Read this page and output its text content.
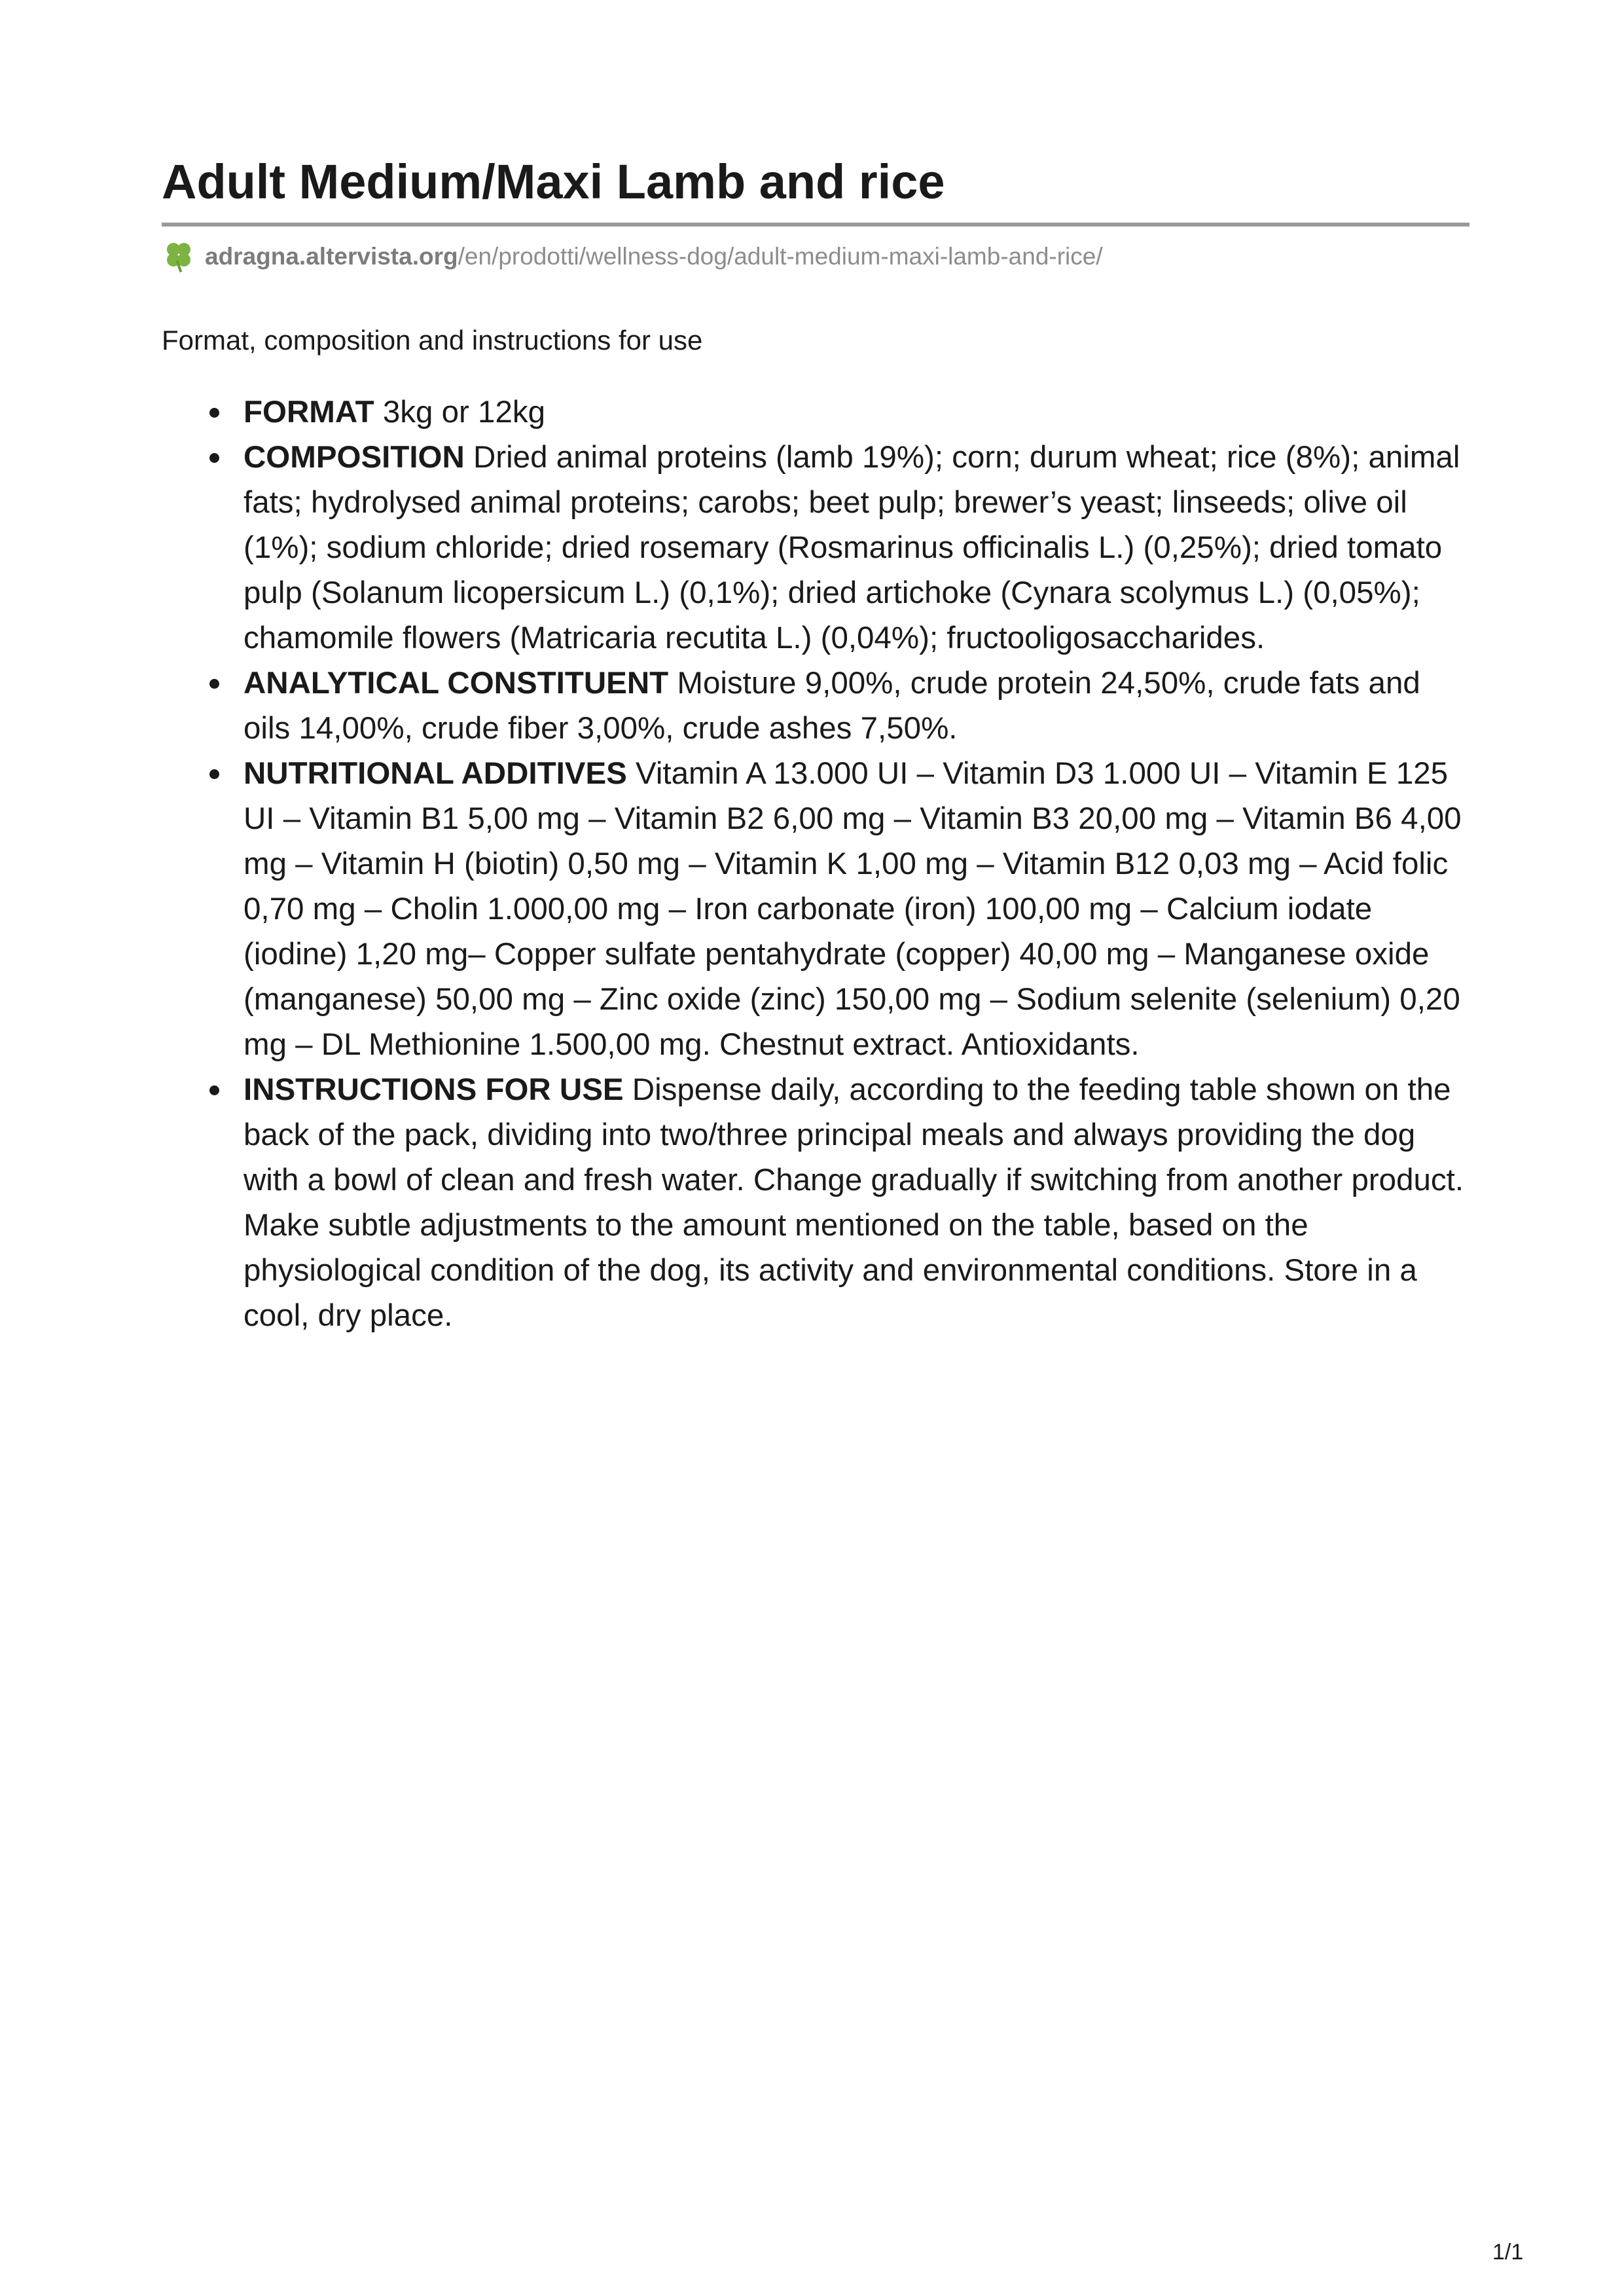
Adult Medium/Maxi Lamb and rice
adragna.altervista.org /en/prodotti/wellness-dog/adult-medium-maxi-lamb-and-rice/

Format, composition and instructions for use

FORMAT 3kg or 12kg
COMPOSITION Dried animal proteins (lamb 19%); corn; durum wheat; rice (8%); animal fats; hydrolysed animal proteins; carobs; beet pulp; brewer’s yeast; linseeds; olive oil (1%); sodium chloride; dried rosemary (Rosmarinus officinalis L.) (0,25%); dried tomato pulp (Solanum licopersicum L.) (0,1%); dried artichoke (Cynara scolymus L.) (0,05%); chamomile flowers (Matricaria recutita L.) (0,04%); fructooligosaccharides.
ANALYTICAL CONSTITUENT Moisture 9,00%, crude protein 24,50%, crude fats and oils 14,00%, crude fiber 3,00%, crude ashes 7,50%.
NUTRITIONAL ADDITIVES Vitamin A 13.000 UI – Vitamin D3 1.000 UI – Vitamin E 125 UI – Vitamin B1 5,00 mg – Vitamin B2 6,00 mg – Vitamin B3 20,00 mg – Vitamin B6 4,00 mg – Vitamin H (biotin) 0,50 mg – Vitamin K 1,00 mg – Vitamin B12 0,03 mg – Acid folic 0,70 mg – Cholin 1.000,00 mg – Iron carbonate (iron) 100,00 mg – Calcium iodate (iodine) 1,20 mg– Copper sulfate pentahydrate (copper) 40,00 mg – Manganese oxide (manganese) 50,00 mg – Zinc oxide (zinc) 150,00 mg – Sodium selenite (selenium) 0,20 mg – DL Methionine 1.500,00 mg. Chestnut extract. Antioxidants.
INSTRUCTIONS FOR USE Dispense daily, according to the feeding table shown on the back of the pack, dividing into two/three principal meals and always providing the dog with a bowl of clean and fresh water. Change gradually if switching from another product. Make subtle adjustments to the amount mentioned on the table, based on the physiological condition of the dog, its activity and environmental conditions. Store in a cool, dry place.
1/1
